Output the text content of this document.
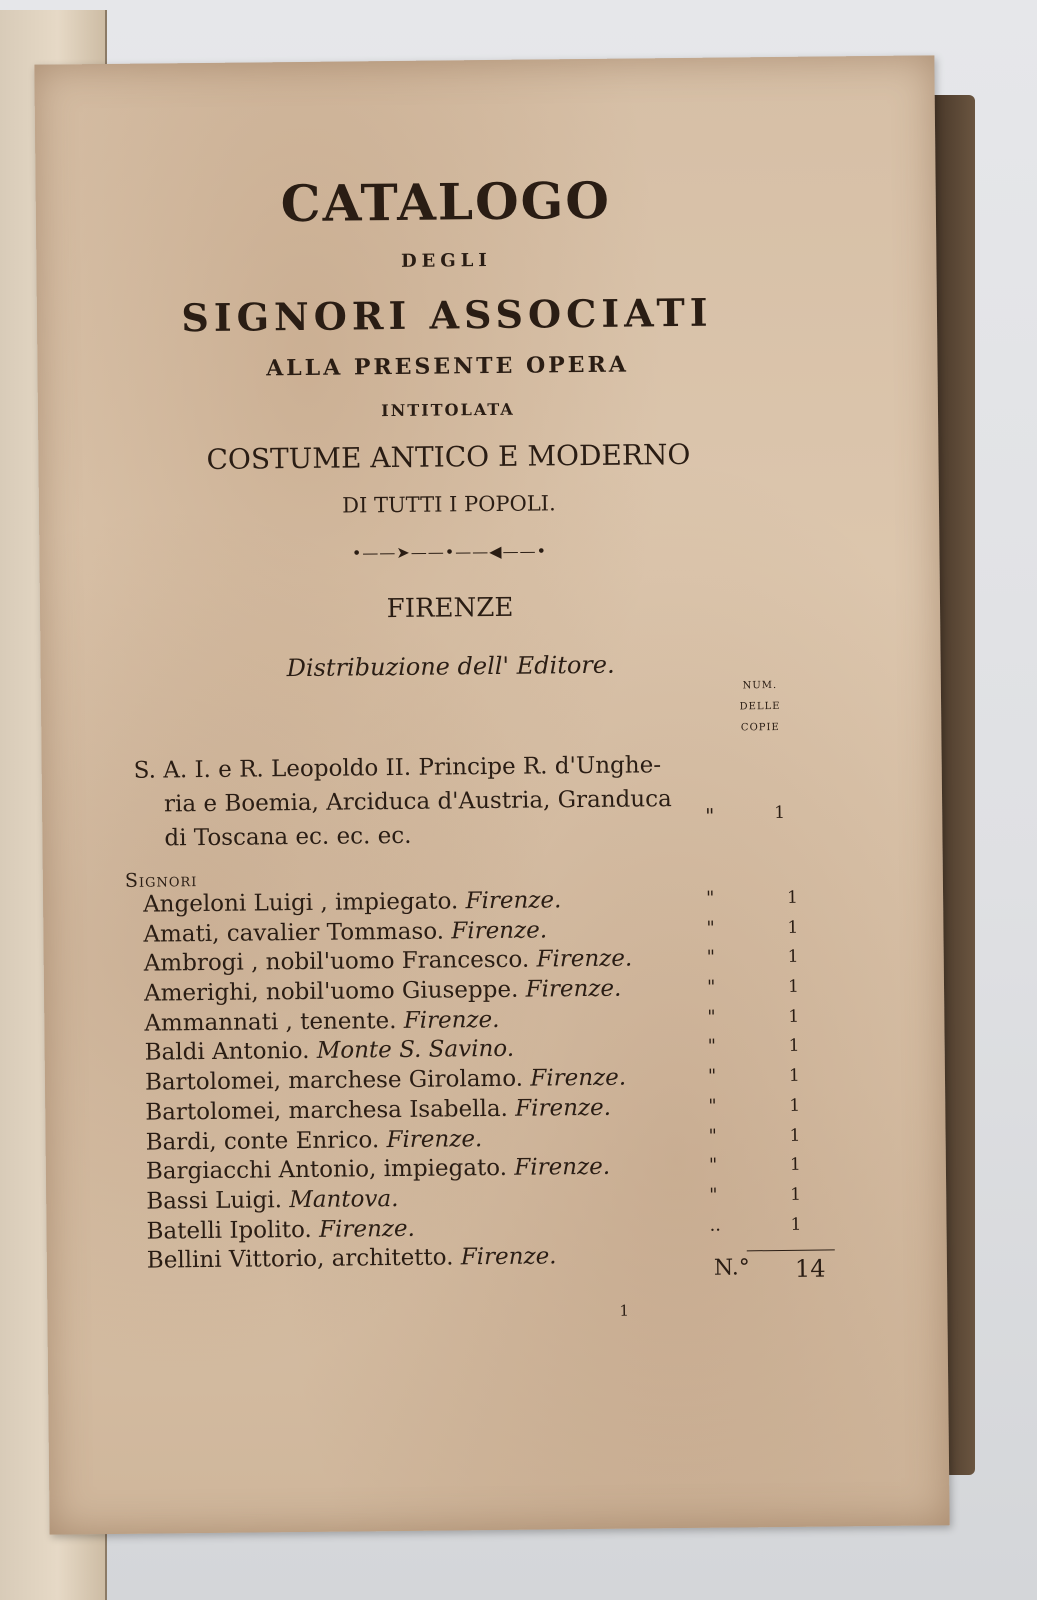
CATALOGO
DEGLI
SIGNORI ASSOCIATI
ALLA PRESENTE OPERA
INTITOLATA
COSTUME ANTICO E MODERNO
DI TUTTI I POPOLI.
•——➤——•——◀——•
FIRENZE
Distribuzione dell' Editore.
NUM.
DELLE
COPIE
S. A. I. e R. Leopoldo II. Principe R. d'Unghe-
ria e Boemia, Arciduca d'Austria, Granduca
di Toscana ec. ec. ec.
"	1
Signori
Angeloni Luigi , impiegato. Firenze.	"	1
Amati, cavalier Tommaso. Firenze.	"	1
Ambrogi , nobil'uomo Francesco. Firenze.	"	1
Amerighi, nobil'uomo Giuseppe. Firenze.	"	1
Ammannati , tenente. Firenze.	"	1
Baldi Antonio. Monte S. Savino.	"	1
Bartolomei, marchese Girolamo. Firenze.	"	1
Bartolomei, marchesa Isabella. Firenze.	"	1
Bardi, conte Enrico. Firenze.	"	1
Bargiacchi Antonio, impiegato. Firenze.	"	1
Bassi Luigi. Mantova.	"	1
Batelli Ipolito. Firenze.	..	1
Bellini Vittorio, architetto. Firenze.	N.° 14
1
